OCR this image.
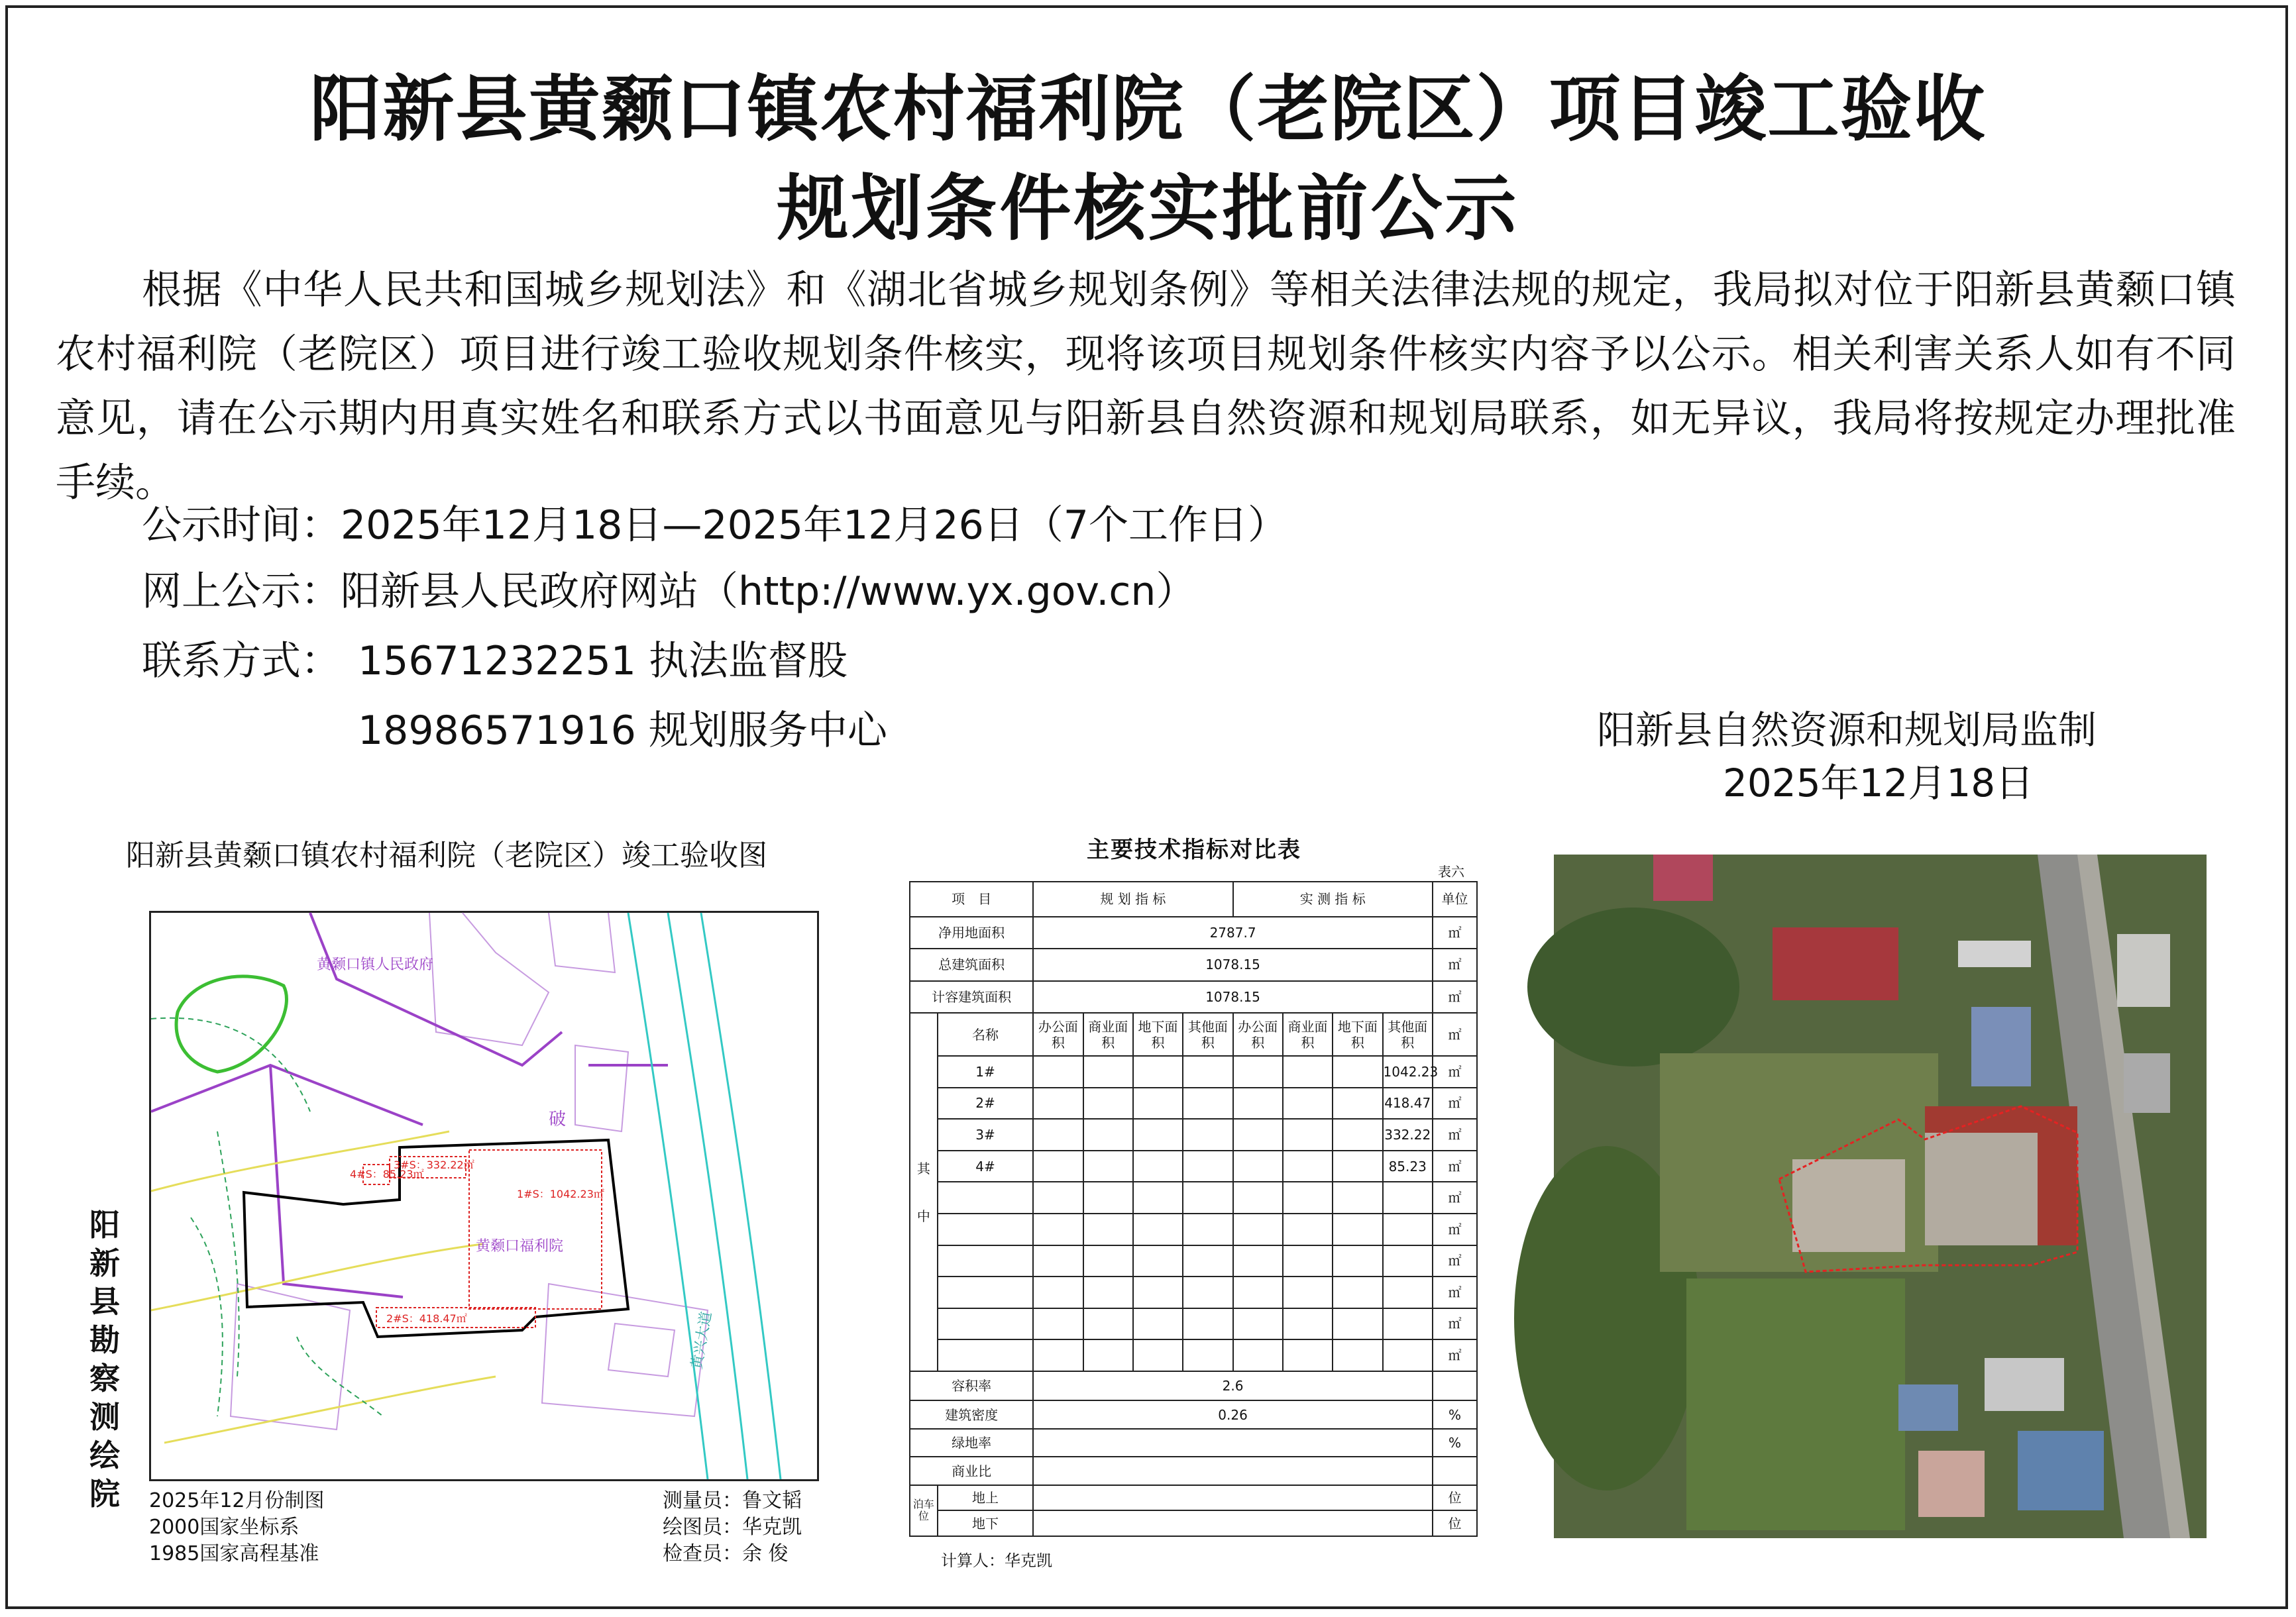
阳新县黄颡口镇农村福利院（老院区）项目竣工验收
规划条件核实批前公示
根据《中华人民共和国城乡规划法》和《湖北省城乡规划条例》等相关法律法规的规定，我局拟对位于阳新县黄颡口镇农村福利院（老院区）项目进行竣工验收规划条件核实，现将该项目规划条件核实内容予以公示。相关利害关系人如有不同意见，请在公示期内用真实姓名和联系方式以书面意见与阳新县自然资源和规划局联系，如无异议，我局将按规定办理批准手续。
公示时间：2025年12月18日—2025年12月26日（7个工作日）
网上公示：阳新县人民政府网站（http://www.yx.gov.cn）
联系方式： 15671232251 执法监督股
18986571916 规划服务中心	阳新县自然资源和规划局监制
2025年12月18日
阳新县黄颡口镇农村福利院（老院区）竣工验收图
阳新县勘察测绘院
黄颡口镇人民政府
黄颡口福利院
破
黄兴大道
1#S：1042.23㎡
2#S：418.47㎡
3#S：332.22㎡
4#S：85.23㎡
2025年12月份制图
2000国家坐标系
1985国家高程基准
测量员：鲁文韬
绘图员：华克凯
检查员：余 俊
主要技术指标对比表
表六
项　目		规 划 指 标				实 测 指 标				单位
净用地面积		2787.7								㎡
总建筑面积		1078.15								㎡
计容建筑面积		1078.15								㎡
其

中	名称	办公面积	商业面积	地下面积	其他面积	办公面积	商业面积	地下面积	其他面积	㎡
	1#								1042.23	㎡
	2#								418.47	㎡
	3#								332.22	㎡
	4#								85.23	㎡
										㎡
										㎡
										㎡
										㎡
										㎡
										㎡
容积率		2.6								
建筑密度		0.26								%
绿地率										%
商业比										
泊车位	地上									位
	地下									位
计算人：华克凯
